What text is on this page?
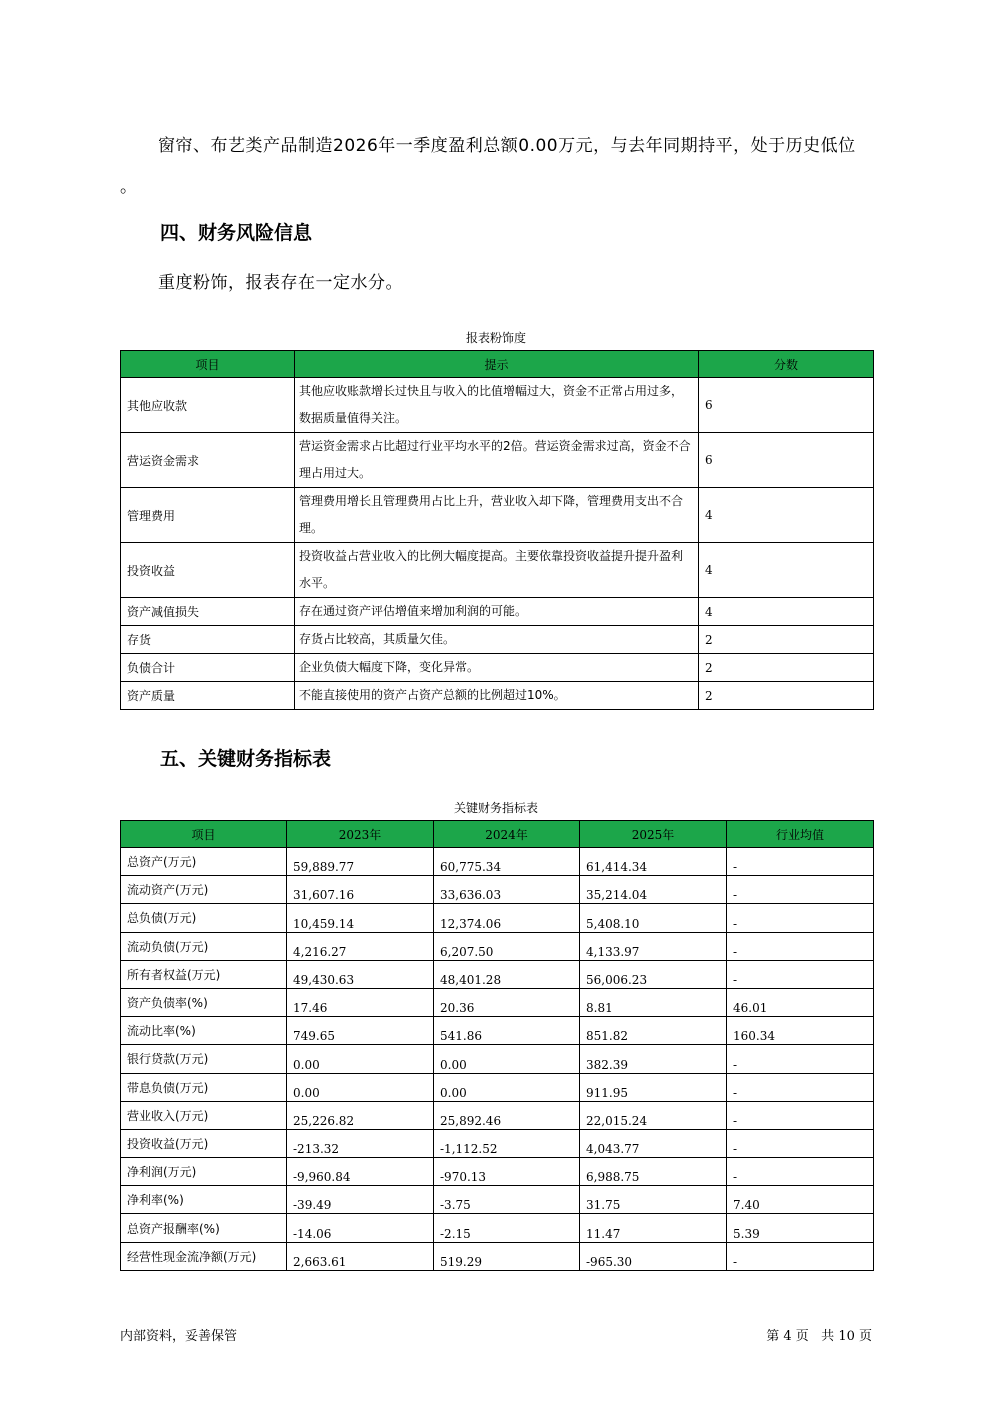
窗帘、布艺类产品制造2026年一季度盈利总额0.00万元，与去年同期持平，处于历史低位
。
四、财务风险信息
重度粉饰，报表存在一定水分。
报表粉饰度
项目	提示	分数
其他应收款	其他应收账款增长过快且与收入的比值增幅过大，资金不正常占用过多，数据质量值得关注。	6
营运资金需求	营运资金需求占比超过行业平均水平的2倍。营运资金需求过高，资金不合理占用过大。	6
管理费用	管理费用增长且管理费用占比上升，营业收入却下降，管理费用支出不合理。	4
投资收益	投资收益占营业收入的比例大幅度提高。主要依靠投资收益提升提升盈利水平。	4
资产减值损失	存在通过资产评估增值来增加利润的可能。	4
存货	存货占比较高，其质量欠佳。	2
负债合计	企业负债大幅度下降，变化异常。	2
资产质量	不能直接使用的资产占资产总额的比例超过10%。	2
五、关键财务指标表
关键财务指标表
项目	2023年	2024年	2025年	行业均值
总资产(万元)	59,889.77	60,775.34	61,414.34	-
流动资产(万元)	31,607.16	33,636.03	35,214.04	-
总负债(万元)	10,459.14	12,374.06	5,408.10	-
流动负债(万元)	4,216.27	6,207.50	4,133.97	-
所有者权益(万元)	49,430.63	48,401.28	56,006.23	-
资产负债率(%)	17.46	20.36	8.81	46.01
流动比率(%)	749.65	541.86	851.82	160.34
银行贷款(万元)	0.00	0.00	382.39	-
带息负债(万元)	0.00	0.00	911.95	-
营业收入(万元)	25,226.82	25,892.46	22,015.24	-
投资收益(万元)	-213.32	-1,112.52	4,043.77	-
净利润(万元)	-9,960.84	-970.13	6,988.75	-
净利率(%)	-39.49	-3.75	31.75	7.40
总资产报酬率(%)	-14.06	-2.15	11.47	5.39
经营性现金流净额(万元)	2,663.61	519.29	-965.30	-
内部资料，妥善保管	第 4 页   共 10 页
